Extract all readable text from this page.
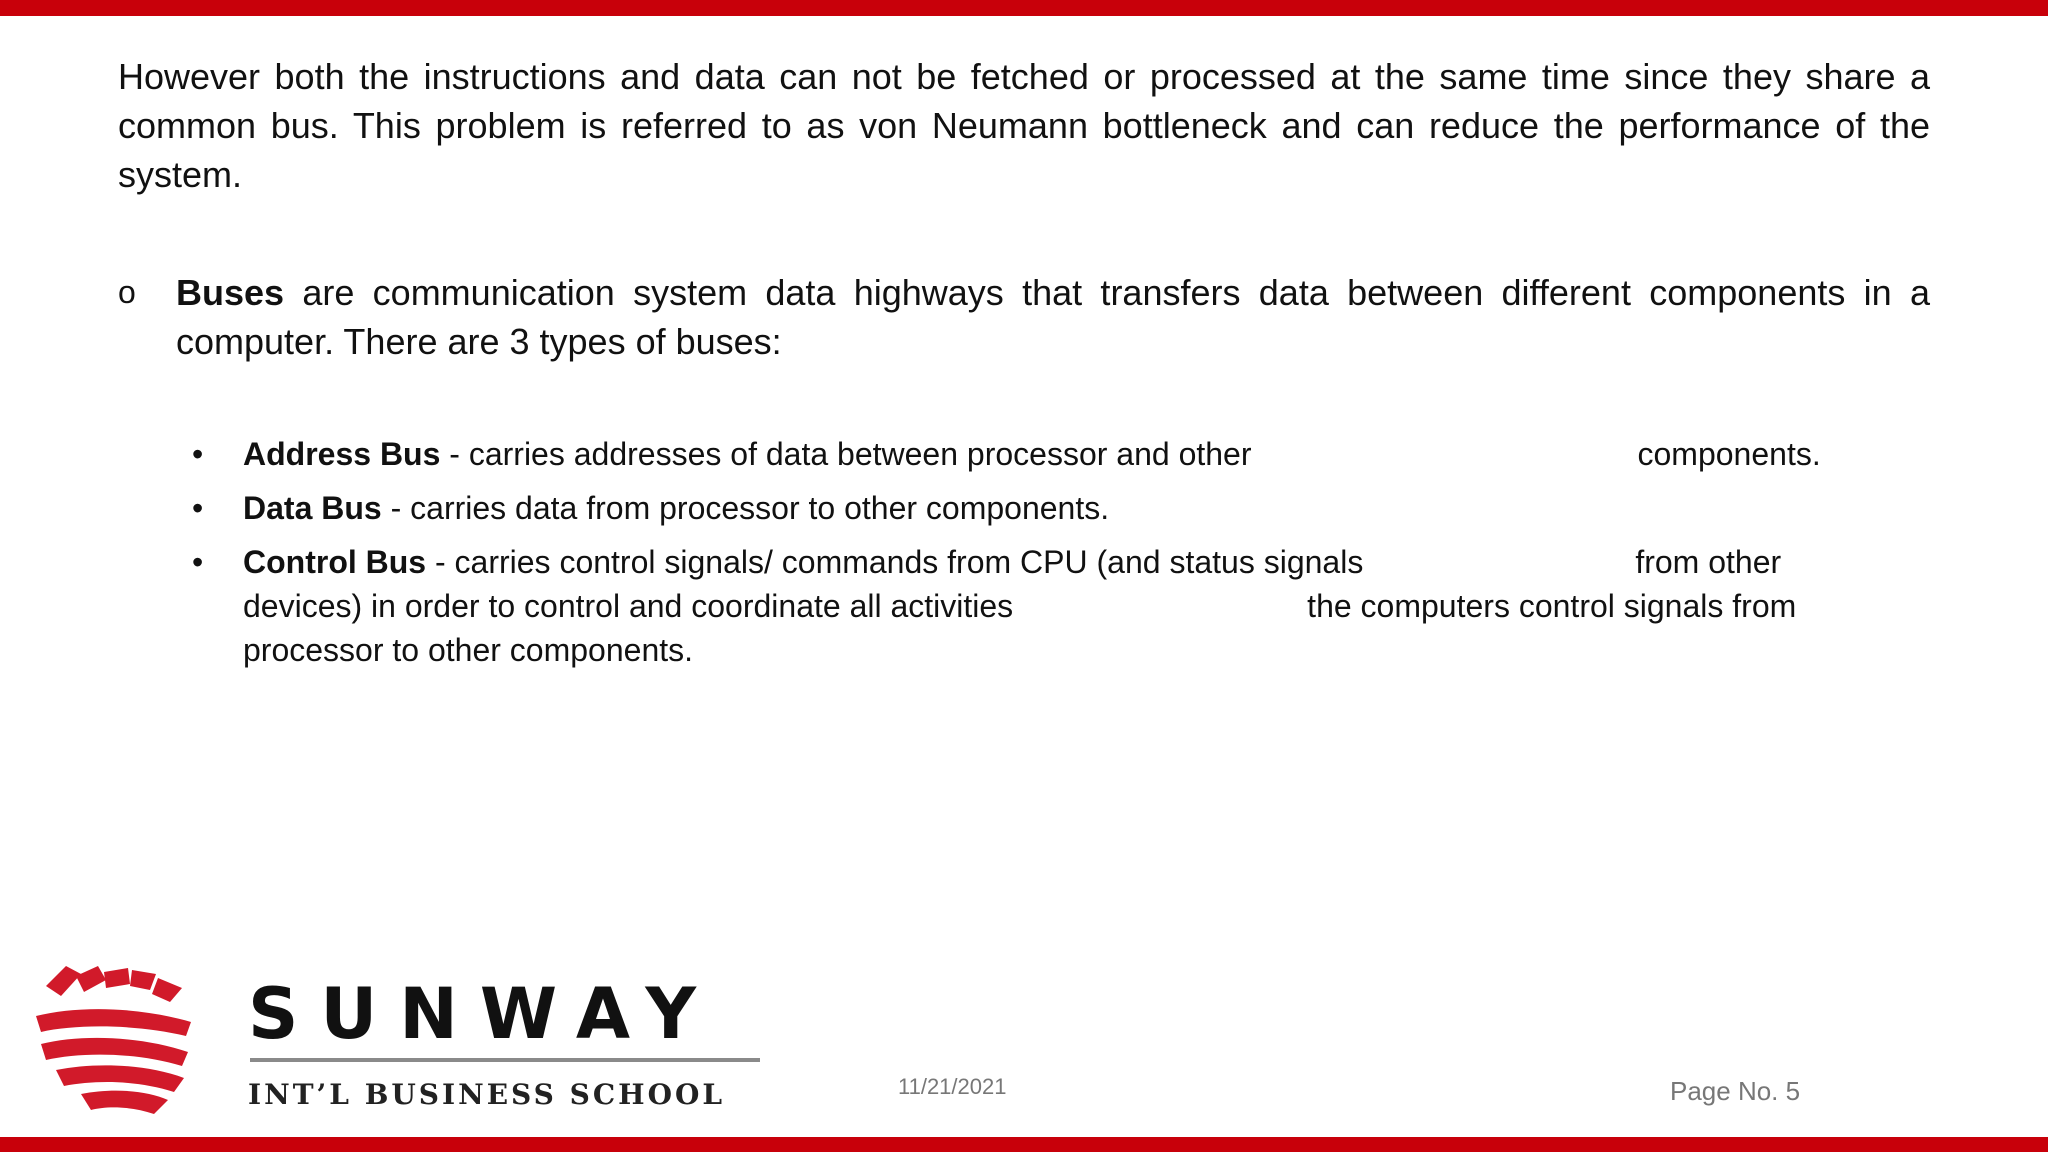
However both the instructions and data can not be fetched or processed at the same time since they share a common bus. This problem is referred to as von Neumann bottleneck and can reduce the performance of the system.

o Buses are communication system data highways that transfers data between different components in a computer. There are 3 types of buses:
• Address Bus - carries addresses of data between processor and other	components.
• Data Bus - carries data from processor to other components.
• Control Bus - carries control signals/ commands from CPU (and status signals	from other
devices) in order to control and coordinate all activities	the computers control signals from
processor to other components.
SUNWAY
INT’L BUSINESS SCHOOL	11/21/2021	Page No. 5
